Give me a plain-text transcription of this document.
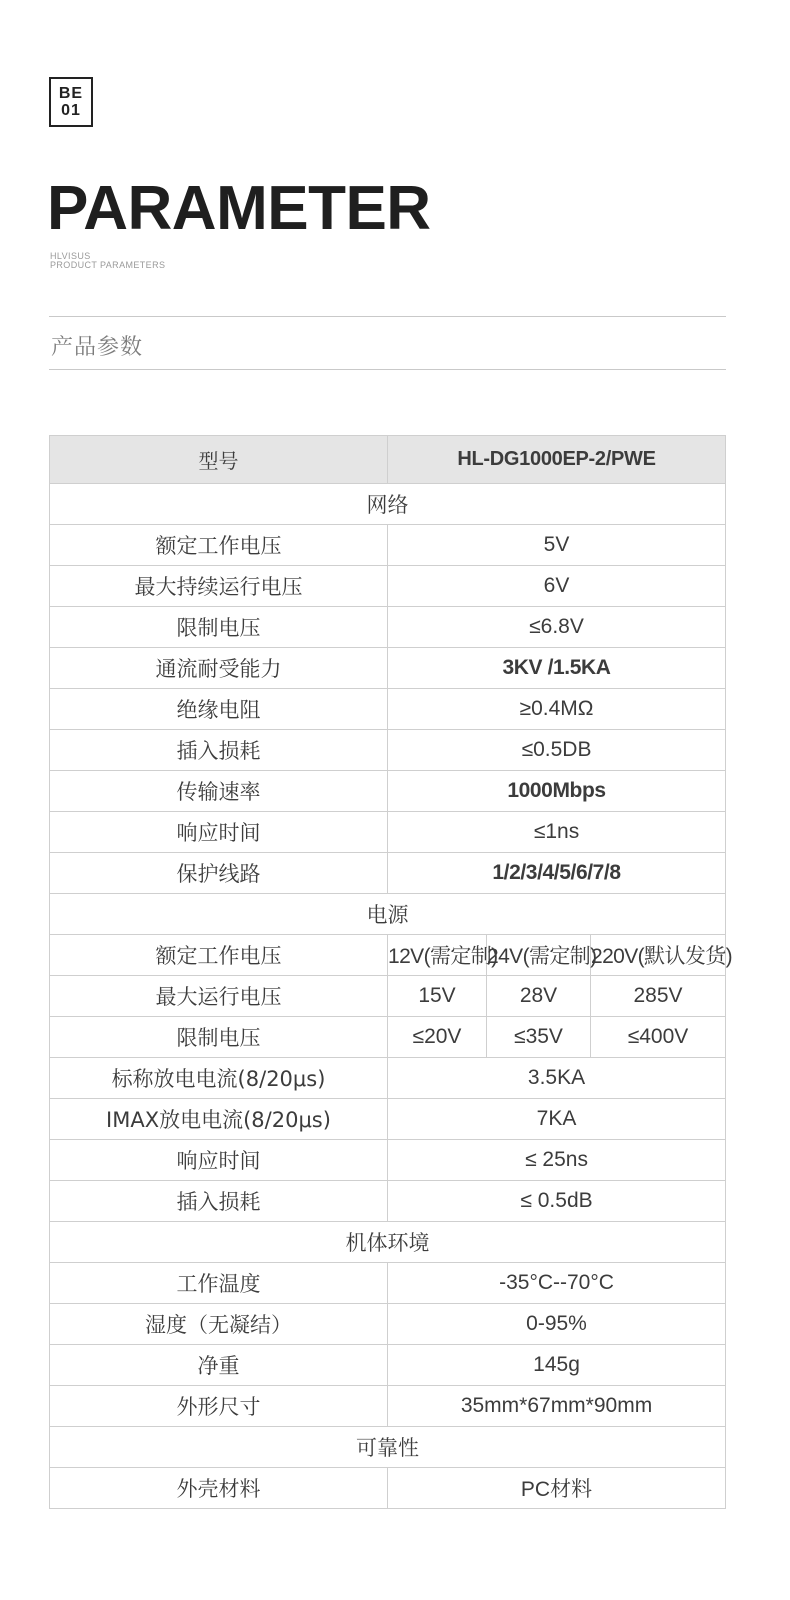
BE
01
PARAMETER
HLVISUS
PRODUCT PARAMETERS
产品参数
型号	HL-DG1000EP-2/PWE		
网络			
额定工作电压	5V		
最大持续运行电压	6V		
限制电压	≤6.8V		
通流耐受能力	3KV /1.5KA		
绝缘电阻	≥0.4MΩ		
插入损耗	≤0.5DB		
传输速率	1000Mbps		
响应时间	≤1ns		
保护线路	1/2/3/4/5/6/7/8		
电源			
额定工作电压	12V(需定制)	24V(需定制)	220V(默认发货)
最大运行电压	15V	28V	285V
限制电压	≤20V	≤35V	≤400V
标称放电电流(8/20μs)	3.5KA		
IMAX放电电流(8/20μs)	7KA		
响应时间	≤ 25ns		
插入损耗	≤ 0.5dB		
机体环境			
工作温度	-35°C--70°C		
湿度（无凝结）	0-95%		
净重	145g		
外形尺寸	35mm*67mm*90mm		
可靠性			
外壳材料	PC材料		
